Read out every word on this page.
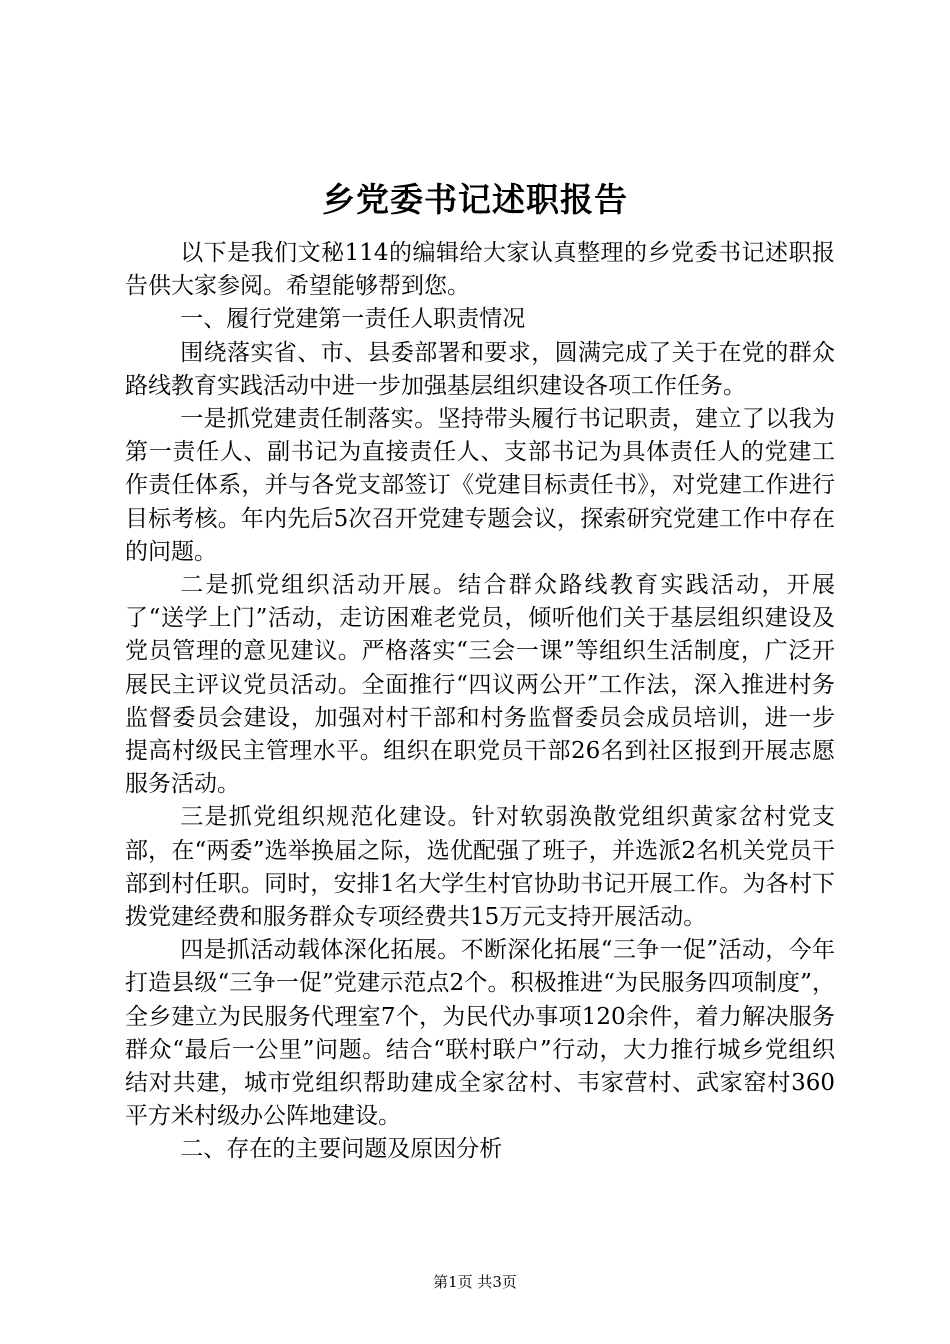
乡党委书记述职报告

以下是我们文秘114的编辑给大家认真整理的乡党委书记述职报告供大家参阅。希望能够帮到您。

一、履行党建第一责任人职责情况

围绕落实省、市、县委部署和要求，圆满完成了关于在党的群众路线教育实践活动中进一步加强基层组织建设各项工作任务。

一是抓党建责任制落实。坚持带头履行书记职责，建立了以我为第一责任人、副书记为直接责任人、支部书记为具体责任人的党建工作责任体系，并与各党支部签订《党建目标责任书》，对党建工作进行目标考核。年内先后5次召开党建专题会议，探索研究党建工作中存在的问题。

二是抓党组织活动开展。结合群众路线教育实践活动，开展了“送学上门”活动，走访困难老党员，倾听他们关于基层组织建设及党员管理的意见建议。严格落实“三会一课”等组织生活制度，广泛开展民主评议党员活动。全面推行“四议两公开”工作法，深入推进村务监督委员会建设，加强对村干部和村务监督委员会成员培训，进一步提高村级民主管理水平。组织在职党员干部26名到社区报到开展志愿服务活动。

三是抓党组织规范化建设。针对软弱涣散党组织黄家岔村党支部，在“两委”选举换届之际，选优配强了班子，并选派2名机关党员干部到村任职。同时，安排1名大学生村官协助书记开展工作。为各村下拨党建经费和服务群众专项经费共15万元支持开展活动。

四是抓活动载体深化拓展。不断深化拓展“三争一促”活动，今年打造县级“三争一促”党建示范点2个。积极推进“为民服务四项制度”，全乡建立为民服务代理室7个，为民代办事项120余件，着力解决服务群众“最后一公里”问题。结合“联村联户”行动，大力推行城乡党组织结对共建，城市党组织帮助建成全家岔村、韦家营村、武家窑村360平方米村级办公阵地建设。

二、存在的主要问题及原因分析

第1页 共3页
